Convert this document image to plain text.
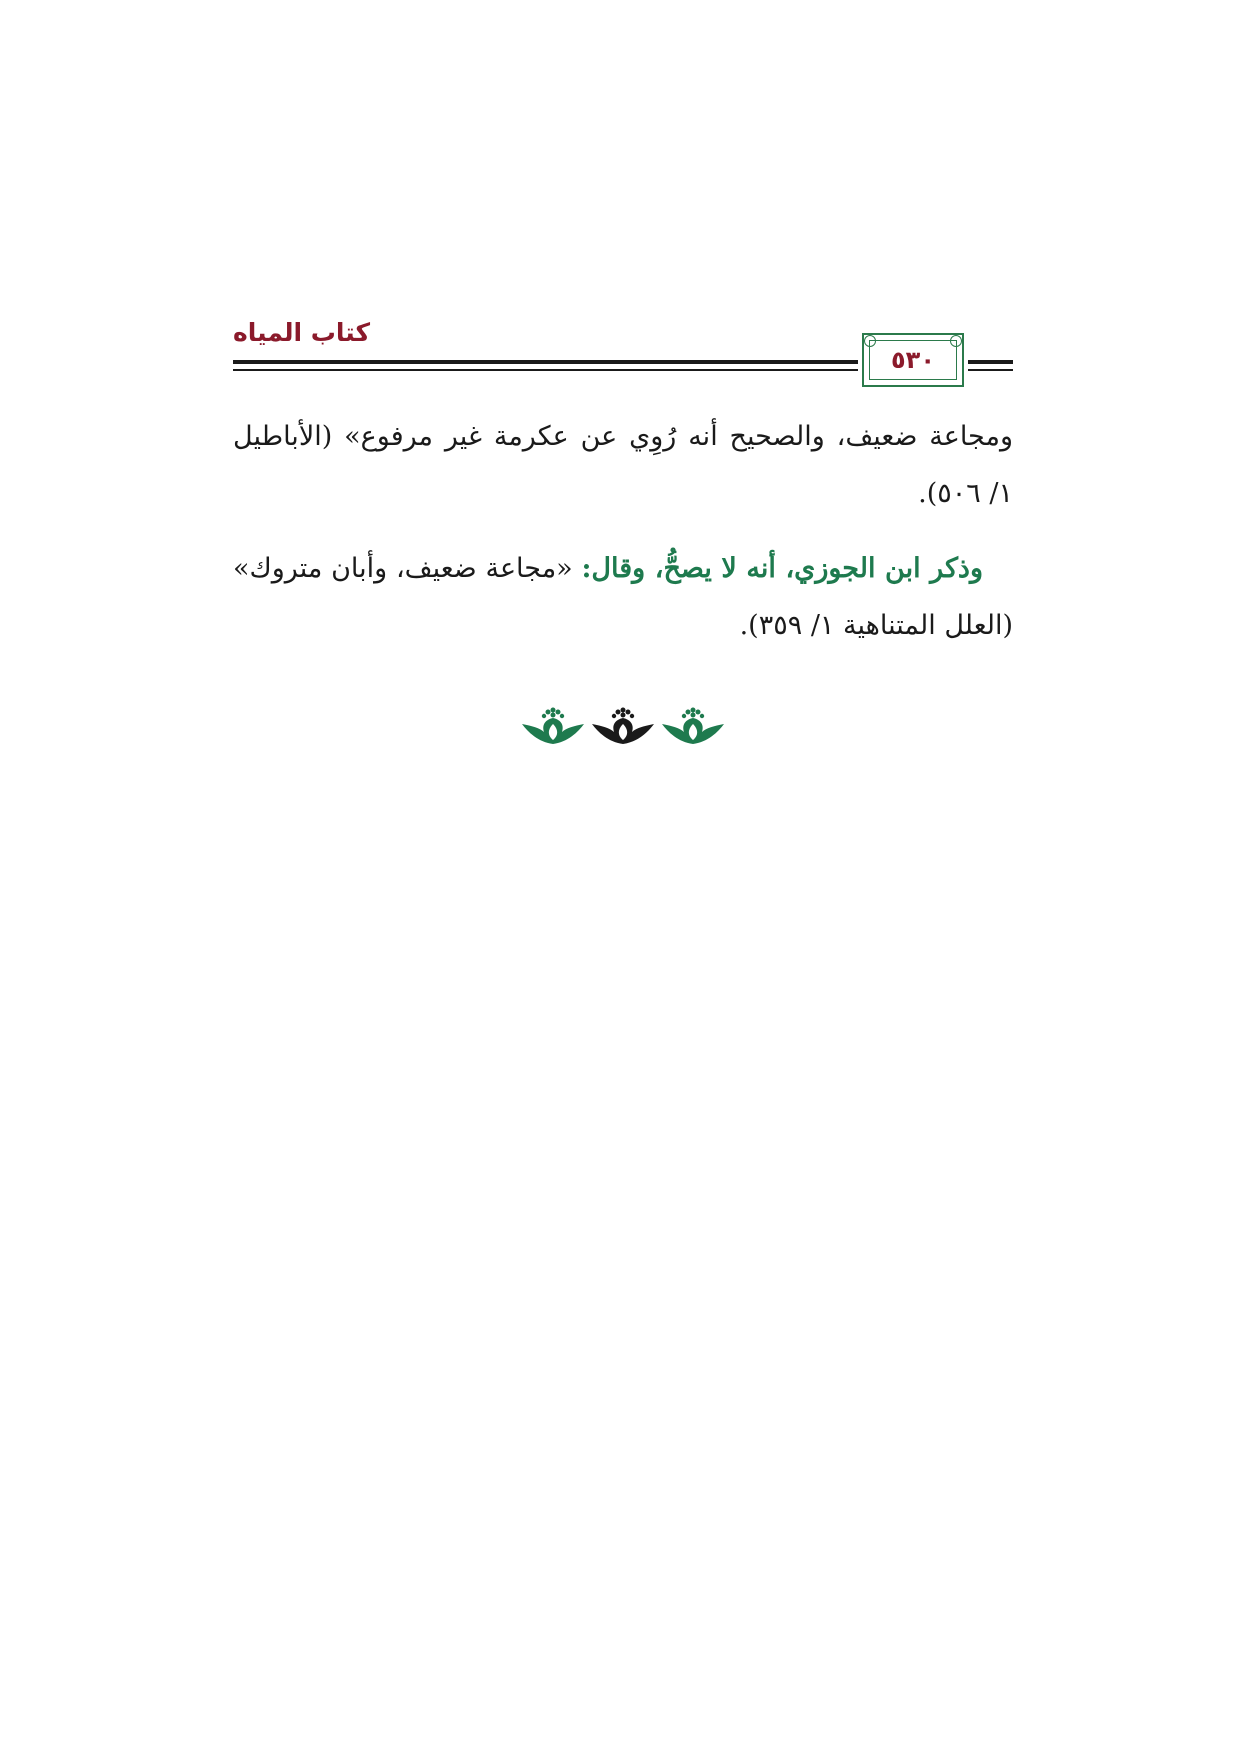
كتاب المياه
٥٣٠

ومجاعة ضعيف، والصحيح أنه رُوِي عن عكرمة غير مرفوع» (الأباطيل ١/ ٥٠٦).

وذكر ابن الجوزي، أنه لا يصحُّ، وقال: «مجاعة ضعيف، وأبان متروك» (العلل المتناهية ١/ ٣٥٩).
